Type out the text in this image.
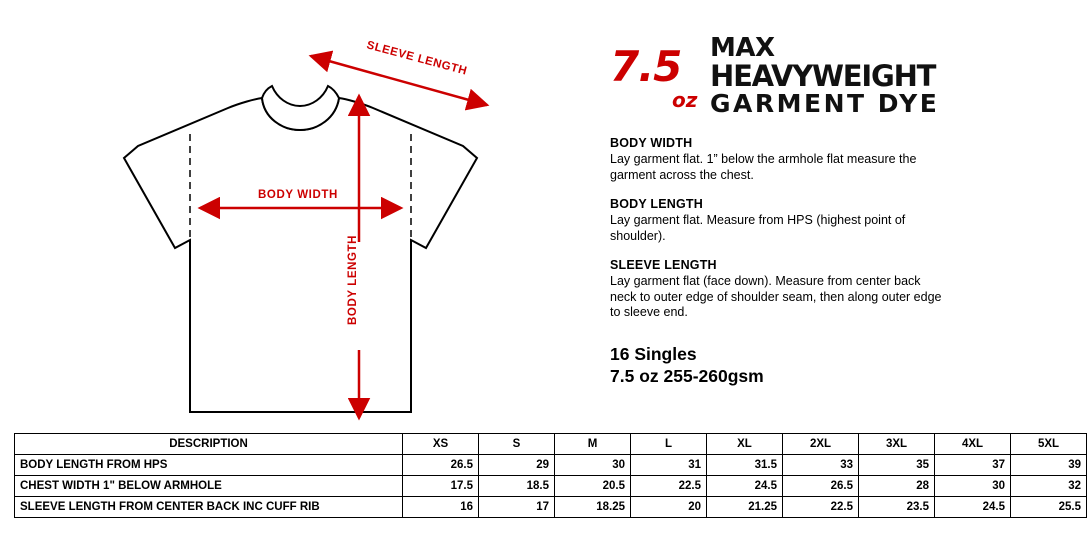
BODY WIDTH
BODY LENGTH
SLEEVE LENGTH	7.5
oz
MAX
HEAVYWEIGHT
GARMENT DYE
BODY WIDTH
Lay garment flat. 1” below the armhole flat measure the garment across the chest.
BODY LENGTH
Lay garment flat. Measure from HPS (highest point of shoulder).
SLEEVE LENGTH
Lay garment flat (face down). Measure from center back neck to outer edge of shoulder seam, then along outer edge to sleeve end.
16 Singles
7.5 oz 255-260gsm
DESCRIPTION	XS	S	M	L	XL	2XL	3XL	4XL	5XL
BODY LENGTH FROM HPS	26.5	29	30	31	31.5	33	35	37	39
CHEST WIDTH 1" BELOW ARMHOLE	17.5	18.5	20.5	22.5	24.5	26.5	28	30	32
SLEEVE LENGTH FROM CENTER BACK INC CUFF RIB	16	17	18.25	20	21.25	22.5	23.5	24.5	25.5
